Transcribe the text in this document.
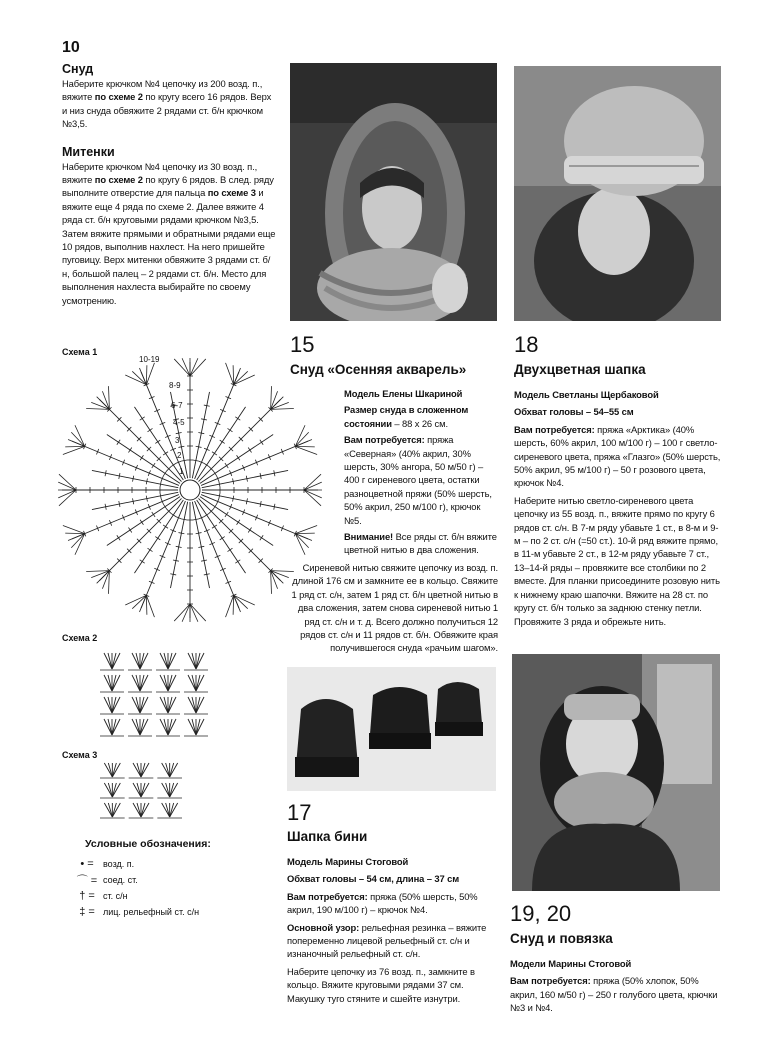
10
Снуд
Наберите крючком №4 цепочку из 200 возд. п., вяжите по схеме 2 по кругу всего 16 рядов. Верх и низ снуда обвяжите 2 рядами ст. б/н крючком №3,5.
Митенки
Наберите крючком №4 цепочку из 30 возд. п., вяжите по схеме 2 по кругу 6 рядов. В след. ряду выполните отверстие для пальца по схеме 3 и вяжите еще 4 ряда по схеме 2. Далее вяжите 4 ряда ст. б/н круговыми рядами крючком №3,5. Затем вяжите прямыми и обратными рядами еще 10 рядов, выполнив нахлест. На него пришейте пуговицу. Верх митенки обвяжите 3 рядами ст. б/н, большой палец – 2 рядами ст. б/н. Место для выполнения нахлеста выбирайте по своему усмотрению.
Схема 1
10-19
8-9
6-7
4-5
3
2
1
Схема 2
Схема 3
Условные обозначения:
• =	возд. п.
⌒ = соед. ст.
† = ст. с/н
‡ = лиц. рельефный ст. с/н
15
Снуд «Осенняя акварель»
Модель Елены Шкариной
Размер снуда в сложенном состоянии – 88 х 26 см.
Вам потребуется: пряжа «Северная» (40% акрил, 30% шерсть, 30% ангора, 50 м/50 г) – 400 г сиреневого цвета, остатки разноцветной пряжи (50% шерсть, 50% акрил, 250 м/100 г), крючок №5.
Внимание! Все ряды ст. б/н вяжите цветной нитью в два сложения.
Сиреневой нитью свяжите цепочку из возд. п. длиной 176 см и замкните ее в кольцо. Свяжите 1 ряд ст. с/н, затем 1 ряд ст. б/н цветной нитью в два сложения, затем снова сиреневой нитью 1 ряд ст. с/н и т. д. Всего должно получиться 12 рядов ст. с/н и 11 рядов ст. б/н. Обвяжите края получившегося снуда «рачьим шагом».
17
Шапка бини
Модель Марины Стоговой
Обхват головы – 54 см, длина – 37 см
Вам потребуется: пряжа (50% шерсть, 50% акрил, 190 м/100 г) – крючок №4.
Основной узор: рельефная резинка – вяжите попеременно лицевой рельефный ст. с/н и изнаночный рельефный ст. с/н.
Наберите цепочку из 76 возд. п., замкните в кольцо. Вяжите круговыми рядами 37 см. Макушку туго стяните и сшейте изнутри.
18
Двухцветная шапка
Модель Светланы Щербаковой
Обхват головы – 54–55 см
Вам потребуется: пряжа «Арктика» (40% шерсть, 60% акрил, 100 м/100 г) – 100 г светло-сиреневого цвета, пряжа «Глазго» (50% шерсть, 50% акрил, 95 м/100 г) – 50 г розового цвета, крючок №4.
Наберите нитью светло-сиреневого цвета цепочку из 55 возд. п., вяжите прямо по кругу 6 рядов ст. с/н. В 7-м ряду убавьте 1 ст., в 8-м и 9-м – по 2 ст. с/н (=50 ст.). 10-й ряд вяжите прямо, в 11-м убавьте 2 ст., в 12-м ряду убавьте 7 ст., 13–14-й ряды – провяжите все столбики по 2 вместе. Для планки присоедините розовую нить к нижнему краю шапочки. Вяжите на 28 ст. по кругу ст. б/н только за заднюю стенку петли. Провяжите 3 ряда и обрежьте нить.
19, 20
Снуд и повязка
Модели Марины Стоговой
Вам потребуется: пряжа (50% хлопок, 50% акрил, 160 м/50 г) – 250 г голубого цвета, крючки №3 и №4.
